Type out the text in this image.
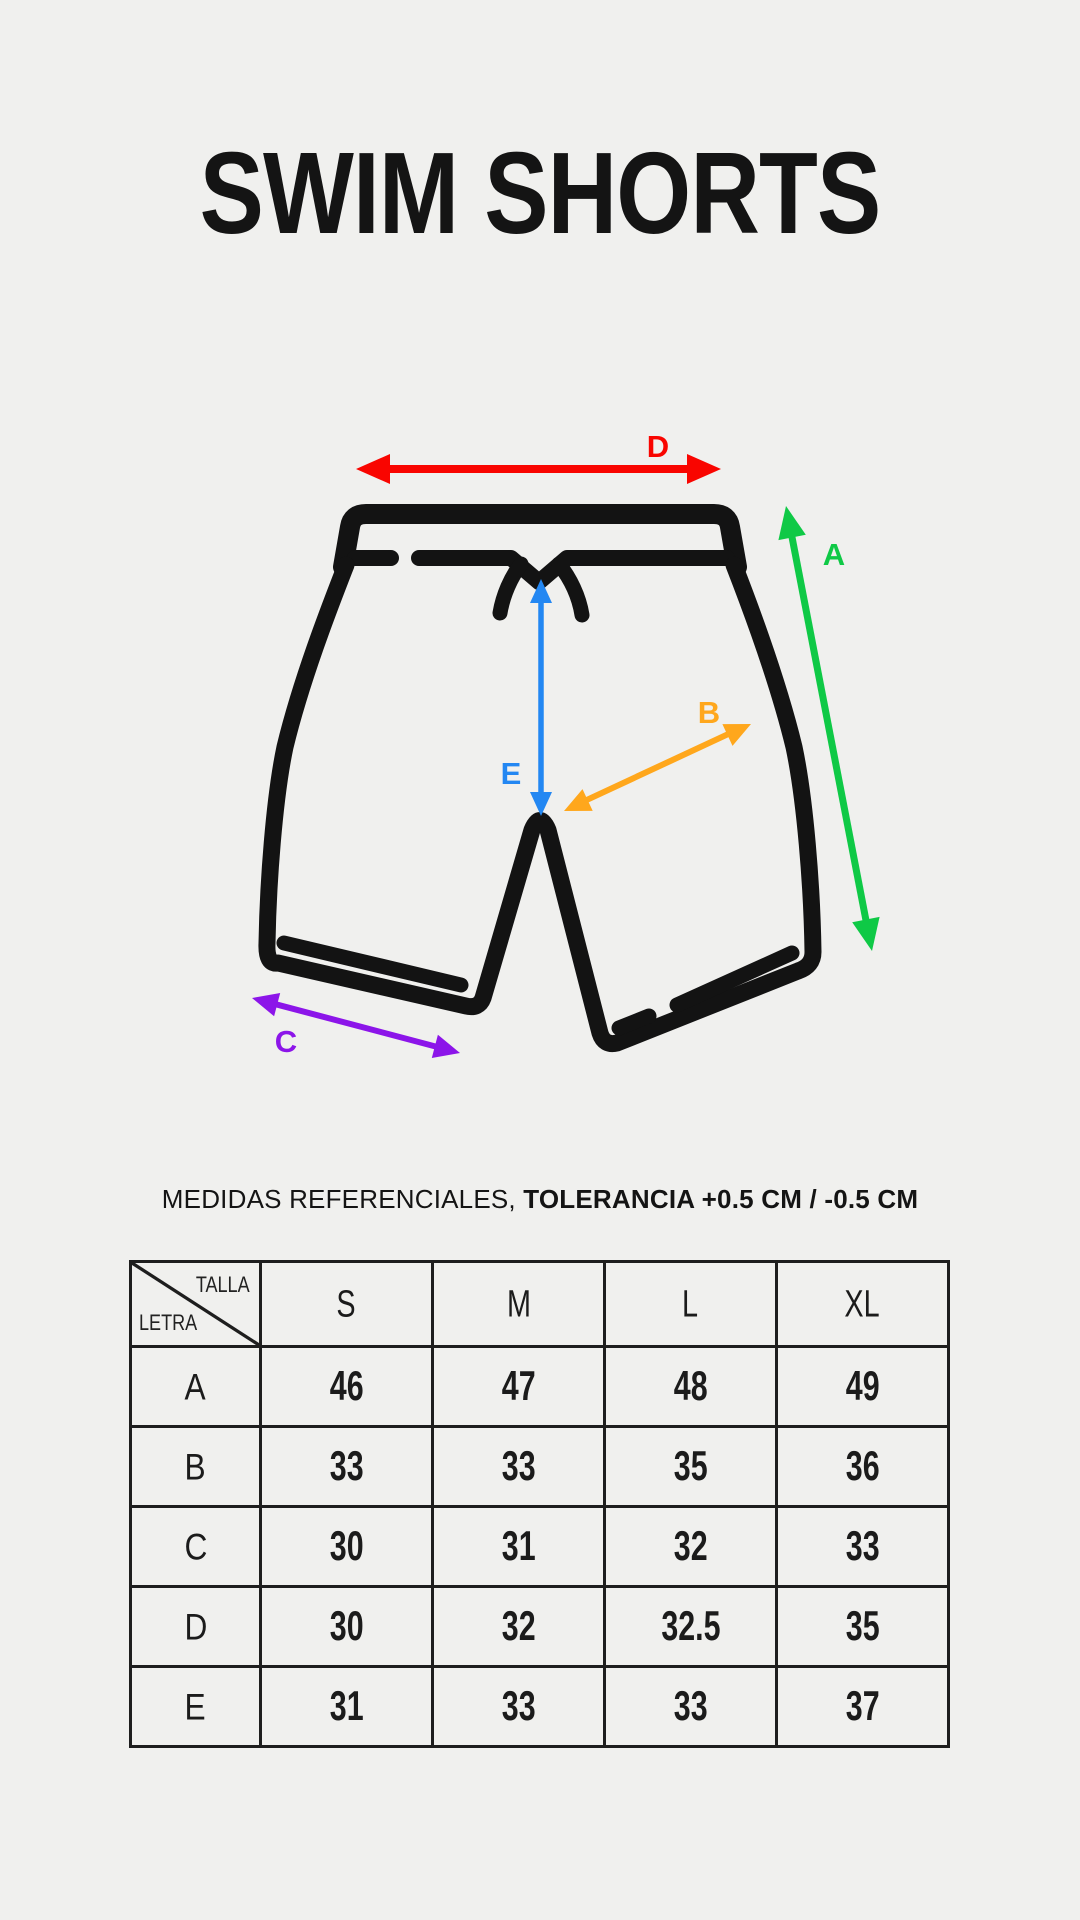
SWIM SHORTS
D
A
E
B
C
MEDIDAS REFERENCIALES, TOLERANCIA +0.5 CM / -0.5 CM
TALLA
LETRA	S	M	L	XL
A	46	47	48	49
B	33	33	35	36
C	30	31	32	33
D	30	32	32.5	35
E	31	33	33	37
